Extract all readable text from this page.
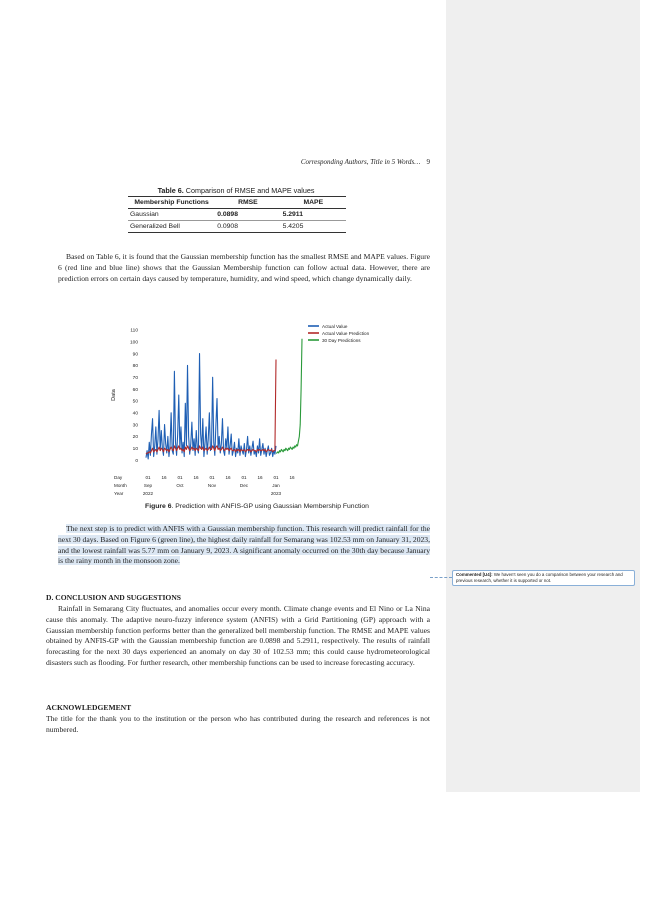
Corresponding Authors, Title in 5 Words… 9
Table 6. Comparison of RMSE and MAPE values
Membership Functions	RMSE	MAPE
Gaussian	0.0898	5.2911
Generalized Bell	0.0908	5.4205
Based on Table 6, it is found that the Gaussian membership function has the smallest RMSE and MAPE values. Figure 6 (red line and blue line) shows that the Gaussian Membership function can follow actual data. However, there are prediction errors on certain days caused by temperature, humidity, and wind speed, which change dynamically daily.
Data
0
10
20
30
40
50
60
70
80
90
100
110
Day
Month
Year
01 16 01 16 01 16 01 16 01 16
Sep	Oct	Nov	Dec	Jan
2022	2023
Actual Value
Actual Value Prediction
30 Day Predictions
Figure 6. Prediction with ANFIS-GP using Gaussian Membership Function
The next step is to predict with ANFIS with a Gaussian membership function. This research will predict rainfall for the next 30 days. Based on Figure 6 (green line), the highest daily rainfall for Semarang was 102.53 mm on January 31, 2023, and the lowest rainfall was 5.77 mm on January 9, 2023. A significant anomaly occurred on the 30th day because January is the rainy month in the monsoon zone.
Commented [U4]: We haven't seen you do a comparison between your research and previous research, whether it is supported or not.
D. CONCLUSION AND SUGGESTIONS
Rainfall in Semarang City fluctuates, and anomalies occur every month. Climate change events and El Nino or La Nina cause this anomaly. The adaptive neuro-fuzzy inference system (ANFIS) with a Grid Partitioning (GP) approach with a Gaussian membership function performs better than the generalized bell membership function. The RMSE and MAPE values obtained by ANFIS-GP with the Gaussian membership function are 0.0898 and 5.2911, respectively. The results of rainfall forecasting for the next 30 days experienced an anomaly on day 30 of 102.53 mm; this could cause hydrometeorological disasters such as flooding. For further research, other membership functions can be used to increase forecasting accuracy.
ACKNOWLEDGEMENT
The title for the thank you to the institution or the person who has contributed during the research and references is not numbered.
